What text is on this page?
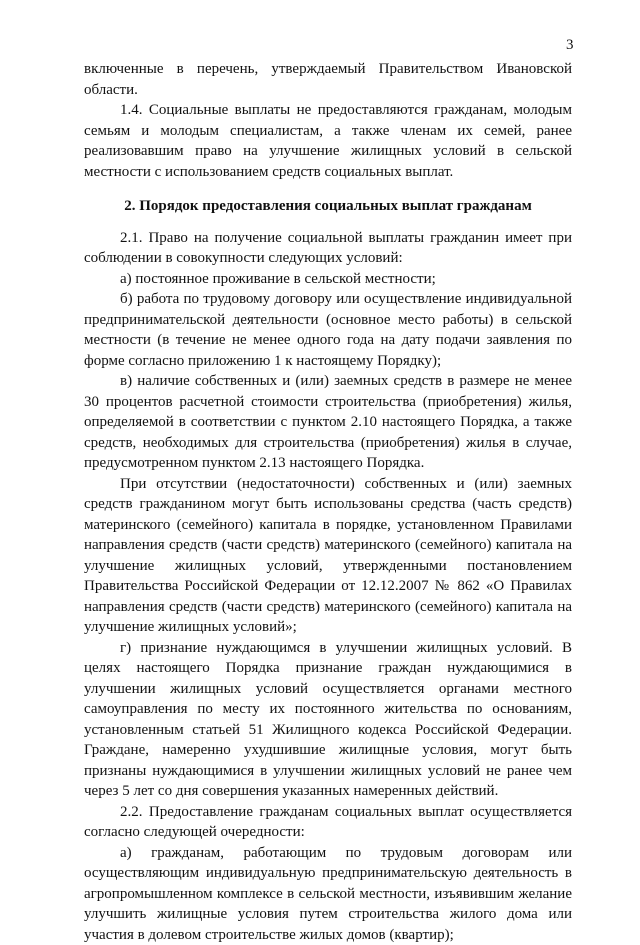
3

включенные в перечень, утверждаемый Правительством Ивановской области.

1.4. Социальные выплаты не предоставляются гражданам, молодым семьям и молодым специалистам, а также членам их семей, ранее реализовавшим право на улучшение жилищных условий в сельской местности с использованием средств социальных выплат.

2. Порядок предоставления социальных выплат гражданам

2.1. Право на получение социальной выплаты гражданин имеет при соблюдении в совокупности следующих условий:

а) постоянное проживание в сельской местности;

б) работа по трудовому договору или осуществление индивидуальной предпринимательской деятельности (основное место работы) в сельской местности (в течение не менее одного года на дату подачи заявления по форме согласно приложению 1 к настоящему Порядку);

в) наличие собственных и (или) заемных средств в размере не менее 30 процентов расчетной стоимости строительства (приобретения) жилья, определяемой в соответствии с пунктом 2.10 настоящего Порядка, а также средств, необходимых для строительства (приобретения) жилья в случае, предусмотренном пунктом 2.13 настоящего Порядка.

При отсутствии (недостаточности) собственных и (или) заемных средств гражданином могут быть использованы средства (часть средств) материнского (семейного) капитала в порядке, установленном Правилами направления средств (части средств) материнского (семейного) капитала на улучшение жилищных условий, утвержденными постановлением Правительства Российской Федерации от 12.12.2007 № 862 «О Правилах направления средств (части средств) материнского (семейного) капитала на улучшение жилищных условий»;

г) признание нуждающимся в улучшении жилищных условий. В целях настоящего Порядка признание граждан нуждающимися в улучшении жилищных условий осуществляется органами местного самоуправления по месту их постоянного жительства по основаниям, установленным статьей 51 Жилищного кодекса Российской Федерации. Граждане, намеренно ухудшившие жилищные условия, могут быть признаны нуждающимися в улучшении жилищных условий не ранее чем через 5 лет со дня совершения указанных намеренных действий.

2.2. Предоставление гражданам социальных выплат осуществляется согласно следующей очередности:

а) гражданам, работающим по трудовым договорам или осуществляющим индивидуальную предпринимательскую деятельность в агропромышленном комплексе в сельской местности, изъявившим желание улучшить жилищные условия путем строительства жилого дома или участия в долевом строительстве жилых домов (квартир);
